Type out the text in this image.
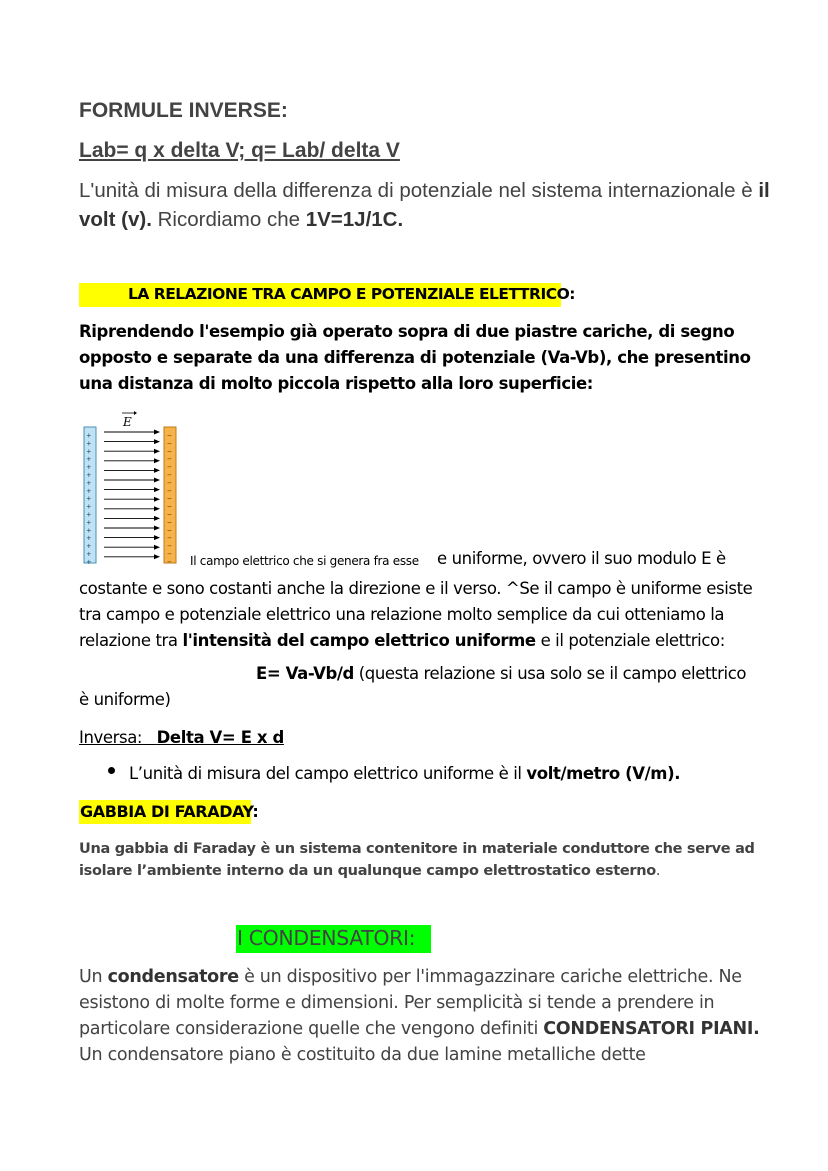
FORMULE INVERSE:
Lab= q x delta V; q= Lab/ delta V
L'unità di misura della differenza di potenziale nel sistema internazionale è il volt (v). Ricordiamo che 1V=1J/1C.
LA RELAZIONE TRA CAMPO E POTENZIALE ELETTRICO:
Riprendendo l'esempio già operato sopra di due piastre cariche, di segno opposto e separate da una differenza di potenziale (Va-Vb), che presentino una distanza di molto piccola rispetto alla loro superficie:
E
+
+
+
+
+
+
+
+
+
+
+
+
+
+
+
+
+
−
−
−
−
−
−
−
−
−
−
−
−
−
−
−
−
− Il campo elettrico che si genera fra esse e uniforme, ovvero il suo modulo E è
costante e sono costanti anche la direzione e il verso. ^Se il campo è uniforme esiste tra campo e potenziale elettrico una relazione molto semplice da cui otteniamo la relazione tra l'intensità del campo elettrico uniforme e il potenziale elettrico:
E= Va-Vb/d (questa relazione si usa solo se il campo elettrico
è uniforme)
Inversa: Delta V= E x d
L’unità di misura del campo elettrico uniforme è il volt/metro (V/m).
GABBIA DI FARADAY:
Una gabbia di Faraday è un sistema contenitore in materiale conduttore che serve ad isolare l’ambiente interno da un qualunque campo elettrostatico esterno.
I CONDENSATORI:
Un condensatore è un dispositivo per l'immagazzinare cariche elettriche. Ne esistono di molte forme e dimensioni. Per semplicità si tende a prendere in particolare considerazione quelle che vengono definiti CONDENSATORI PIANI. Un condensatore piano è costituito da due lamine metalliche dette
